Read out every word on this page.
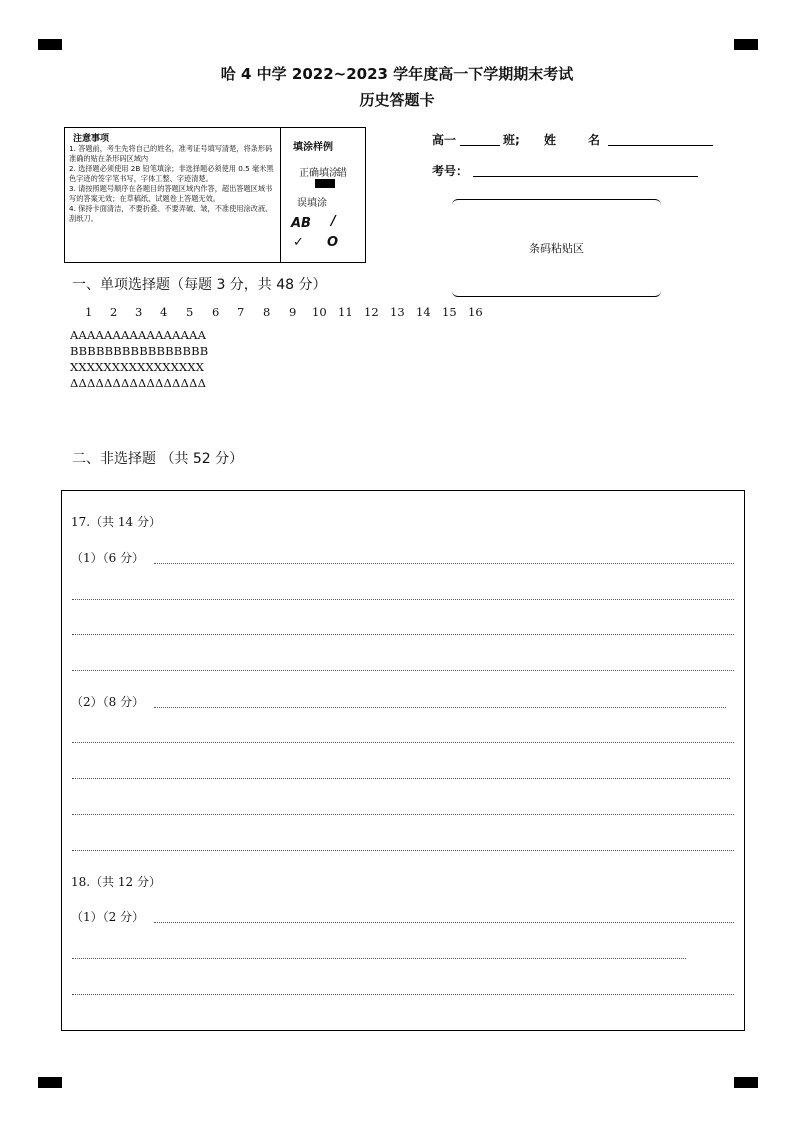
哈 4 中学 2022~2023 学年度高一下学期期末考试
历史答题卡
注意事项
1. 答题前，考生先将自己的姓名，准考证号填写清楚，将条形码准确的贴在条形码区域内
2. 选择题必须使用 2B 铅笔填涂；非选择题必须使用 0.5 毫米黑色字迹的签字笔书写，字体工整、字迹清楚。
3. 请按照题号顺序在各题目的答题区域内作答，超出答题区域书写的答案无效；在草稿纸、试题卷上答题无效。
4. 保持卡面清洁，不要折叠、不要弄破、皱，不准使用涂改液、刮纸刀。
填涂样例
正确填涂错
误填涂
AB /
✓ O
高一	班; 姓	名
考号：
条码粘贴区
一、单项选择题（每题 3 分，共 48 分）
1 2 3 4 5 6 7 8 9 10 11 12 13 14 15 16
AAAAAAAAAAAAAAAA
BBBBBBBBBBBBBBBB
XXXXXXXXXXXXXXXX
ΔΔΔΔΔΔΔΔΔΔΔΔΔΔΔΔ
二、非选择题 （共 52 分）
17.（共 14 分）
（1）（6 分）
（2）（8 分）
18.（共 12 分）
（1）（2 分）
